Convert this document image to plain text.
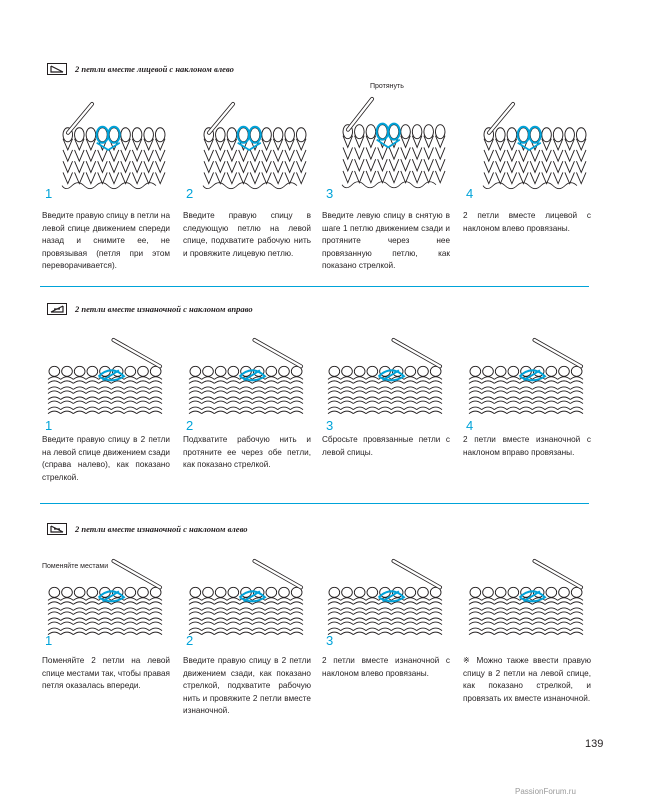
2 петли вместе лицевой с наклоном влево
Протянуть
1	2	3	4
Введите правую спицу в петли на левой спице движением спереди назад и снимите ее, не провязывая (петля при этом переворачивается).
Введите правую спицу в следующую петлю на левой спице, подхватите рабочую нить и провяжите лицевую петлю.
Введите левую спицу в снятую в шаге 1 петлю движением сзади и протяните через нее провязанную петлю, как показано стрелкой.
2 петли вместе лицевой с наклоном влево провязаны.
2 петли вместе изнаночной с наклоном вправо
1	2	3	4
Введите правую спицу в 2 петли на левой спице движением сзади (справа налево), как показано стрелкой.
Подхватите рабочую нить и протяните ее через обе петли, как показано стрелкой.
Сбросьте провязанные петли с левой спицы.
2 петли вместе изнаночной с наклоном вправо провязаны.
2 петли вместе изнаночной с наклоном влево
Поменяйте местами
1	2	3
Поменяйте 2 петли на левой спице местами так, чтобы правая петля оказалась впереди.
Введите правую спицу в 2 петли движением сзади, как показано стрелкой, подхватите рабочую нить и провяжите 2 петли вместе изнаночной.
2 петли вместе изнаночной с наклоном влево провязаны.
※ Можно также ввести правую спицу в 2 петли на левой спице, как показано стрелкой, и провязать их вместе изнаночной.
139
PassionForum.ru
